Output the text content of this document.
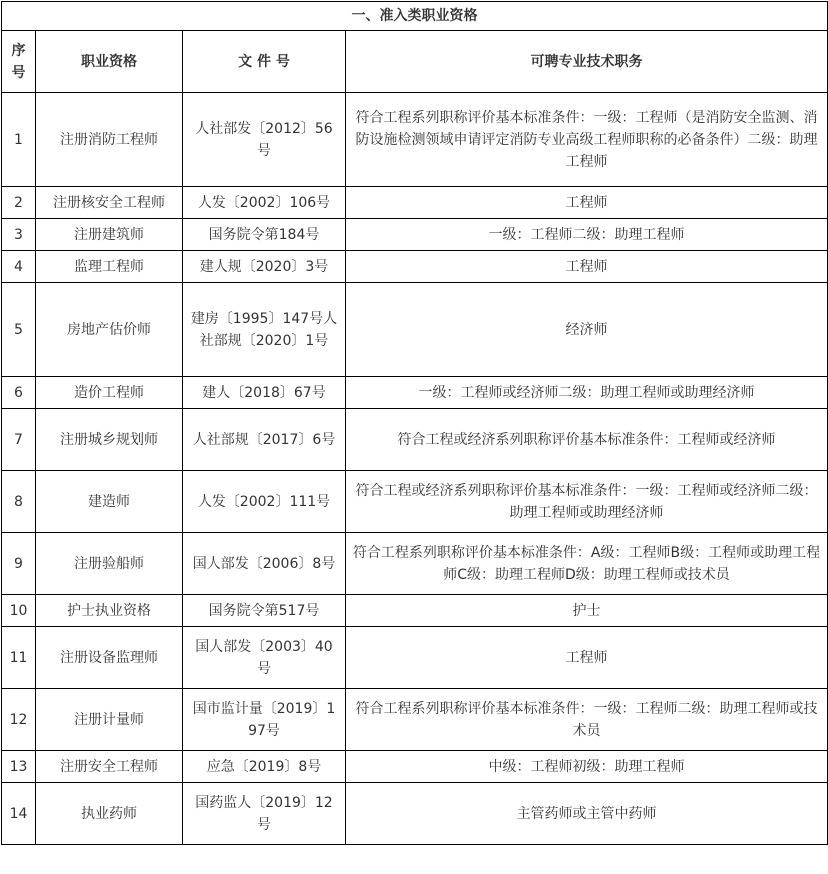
一、准入类职业资格			
序号	职业资格	文 件 号	可聘专业技术职务
1	注册消防工程师	人社部发〔2012〕56号	符合工程系列职称评价基本标准条件：一级：工程师（是消防安全监测、消防设施检测领域申请评定消防专业高级工程师职称的必备条件）二级：助理工程师
2	注册核安全工程师	人发〔2002〕106号	工程师
3	注册建筑师	国务院令第184号	一级：工程师二级：助理工程师
4	监理工程师	建人规〔2020〕3号	工程师
5	房地产估价师	建房〔1995〕147号人社部规〔2020〕1号	经济师
6	造价工程师	建人〔2018〕67号	一级：工程师或经济师二级：助理工程师或助理经济师
7	注册城乡规划师	人社部规〔2017〕6号	符合工程或经济系列职称评价基本标准条件：工程师或经济师
8	建造师	人发〔2002〕111号	符合工程或经济系列职称评价基本标准条件：一级：工程师或经济师二级：助理工程师或助理经济师
9	注册验船师	国人部发〔2006〕8号	符合工程系列职称评价基本标准条件：A级：工程师B级：工程师或助理工程师C级：助理工程师D级：助理工程师或技术员
10	护士执业资格	国务院令第517号	护士
11	注册设备监理师	国人部发〔2003〕40号	工程师
12	注册计量师	国市监计量〔2019〕197号	符合工程系列职称评价基本标准条件：一级：工程师二级：助理工程师或技术员
13	注册安全工程师	应急〔2019〕8号	中级：工程师初级：助理工程师
14	执业药师	国药监人〔2019〕12号	主管药师或主管中药师
